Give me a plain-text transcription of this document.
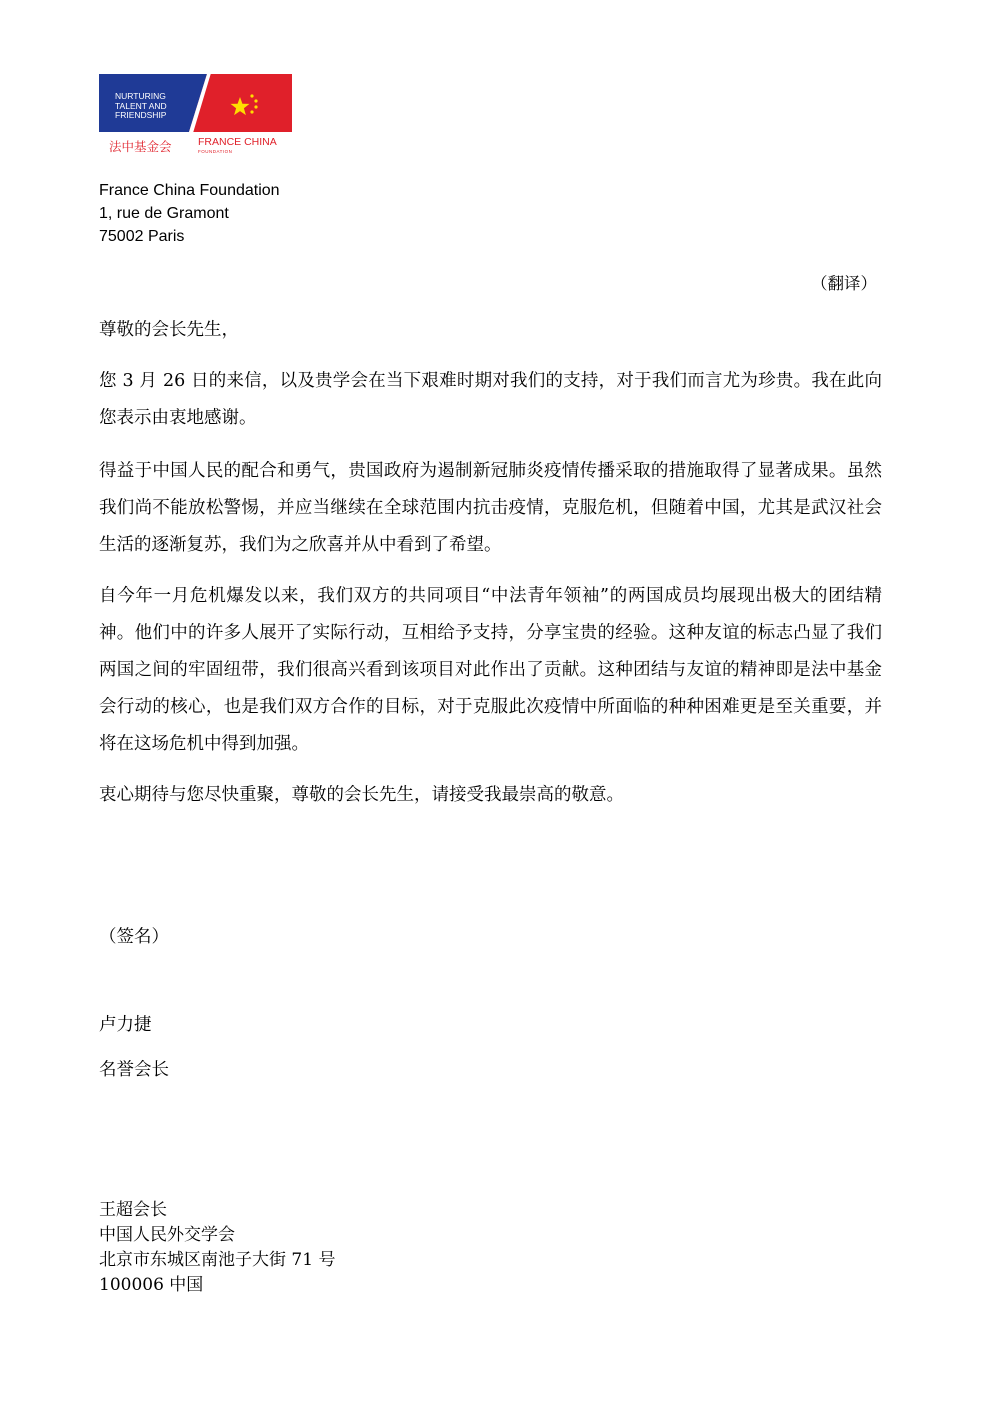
NURTURING
TALENT AND
FRIENDSHIP
法中基金会	FRANCE CHINA
FOUNDATION
France China Foundation
1, rue de Gramont
75002 Paris
（翻译）
尊敬的会长先生，

您 3 月 26 日的来信，以及贵学会在当下艰难时期对我们的支持，对于我们而言尤为珍贵。我在此向您表示由衷地感谢。

得益于中国人民的配合和勇气，贵国政府为遏制新冠肺炎疫情传播采取的措施取得了显著成果。虽然我们尚不能放松警惕，并应当继续在全球范围内抗击疫情，克服危机，但随着中国，尤其是武汉社会生活的逐渐复苏，我们为之欣喜并从中看到了希望。

自今年一月危机爆发以来，我们双方的共同项目“中法青年领袖”的两国成员均展现出极大的团结精神。他们中的许多人展开了实际行动，互相给予支持，分享宝贵的经验。这种友谊的标志凸显了我们两国之间的牢固纽带，我们很高兴看到该项目对此作出了贡献。这种团结与友谊的精神即是法中基金会行动的核心，也是我们双方合作的目标，对于克服此次疫情中所面临的种种困难更是至关重要，并将在这场危机中得到加强。

衷心期待与您尽快重聚，尊敬的会长先生，请接受我最崇高的敬意。

（签名）
卢力捷
名誉会长
王超会长
中国人民外交学会
北京市东城区南池子大街 71 号
100006 中国
